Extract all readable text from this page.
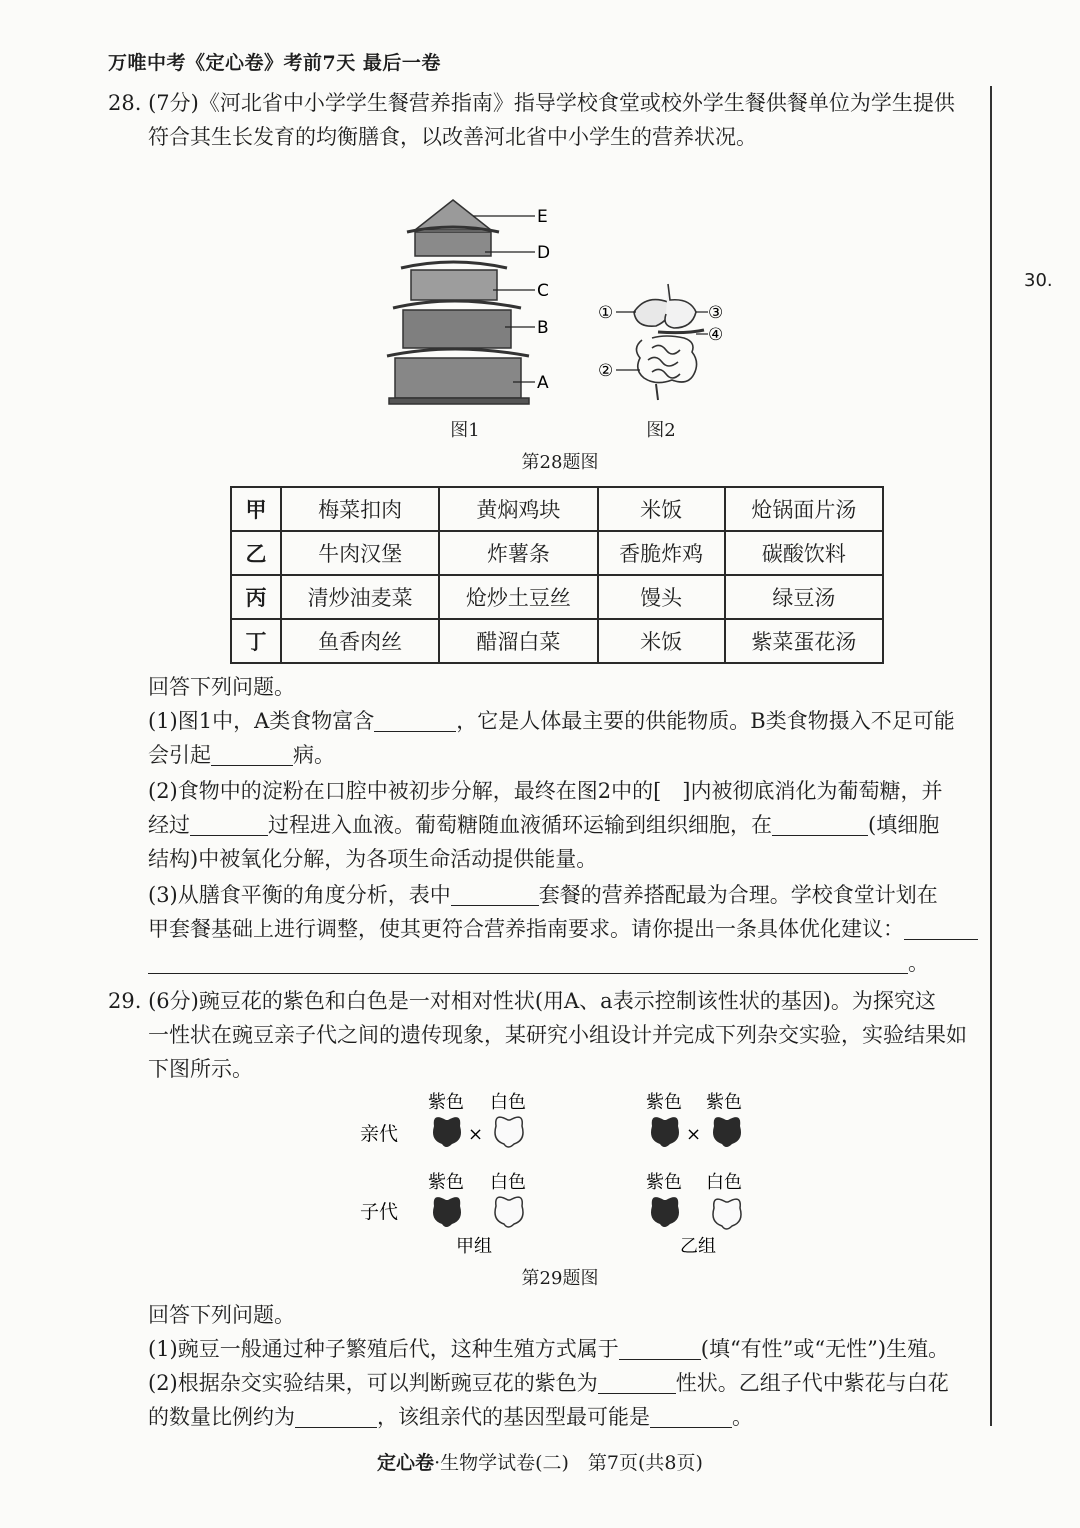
万唯中考《定心卷》考前7天 最后一卷
30.
28. (7分)《河北省中小学学生餐营养指南》指导学校食堂或校外学生餐供餐单位为学生提供
符合其生长发育的均衡膳食，以改善河北省中小学生的营养状况。
E
D
C
B
A
①
②
③
④
图1	图2
第28题图
甲	梅菜扣肉	黄焖鸡块	米饭	炝锅面片汤
乙	牛肉汉堡	炸薯条	香脆炸鸡	碳酸饮料
丙	清炒油麦菜	炝炒土豆丝	馒头	绿豆汤
丁	鱼香肉丝	醋溜白菜	米饭	紫菜蛋花汤
回答下列问题。
(1)图1中，A类食物富含	，它是人体最主要的供能物质。B类食物摄入不足可能
会引起	病。
(2)食物中的淀粉在口腔中被初步分解，最终在图2中的[　]内被彻底消化为葡萄糖，并
经过	过程进入血液。葡萄糖随血液循环运输到组织细胞，在	(填细胞
结构)中被氧化分解，为各项生命活动提供能量。
(3)从膳食平衡的角度分析，表中	套餐的营养搭配最为合理。学校食堂计划在
甲套餐基础上进行调整，使其更符合营养指南要求。请你提出一条具体优化建议：
。
29. (6分)豌豆花的紫色和白色是一对相对性状(用A、a表示控制该性状的基因)。为探究这
一性状在豌豆亲子代之间的遗传现象，某研究小组设计并完成下列杂交实验，实验结果如
下图所示。
亲代
子代
紫色 白色
×
紫色 白色
甲组
紫色 紫色
×
紫色 白色
乙组
第29题图
回答下列问题。
(1)豌豆一般通过种子繁殖后代，这种生殖方式属于	(填“有性”或“无性”)生殖。
(2)根据杂交实验结果，可以判断豌豆花的紫色为	性状。乙组子代中紫花与白花
的数量比例约为	，该组亲代的基因型最可能是	。
定心卷·生物学试卷(二)　第7页(共8页)
